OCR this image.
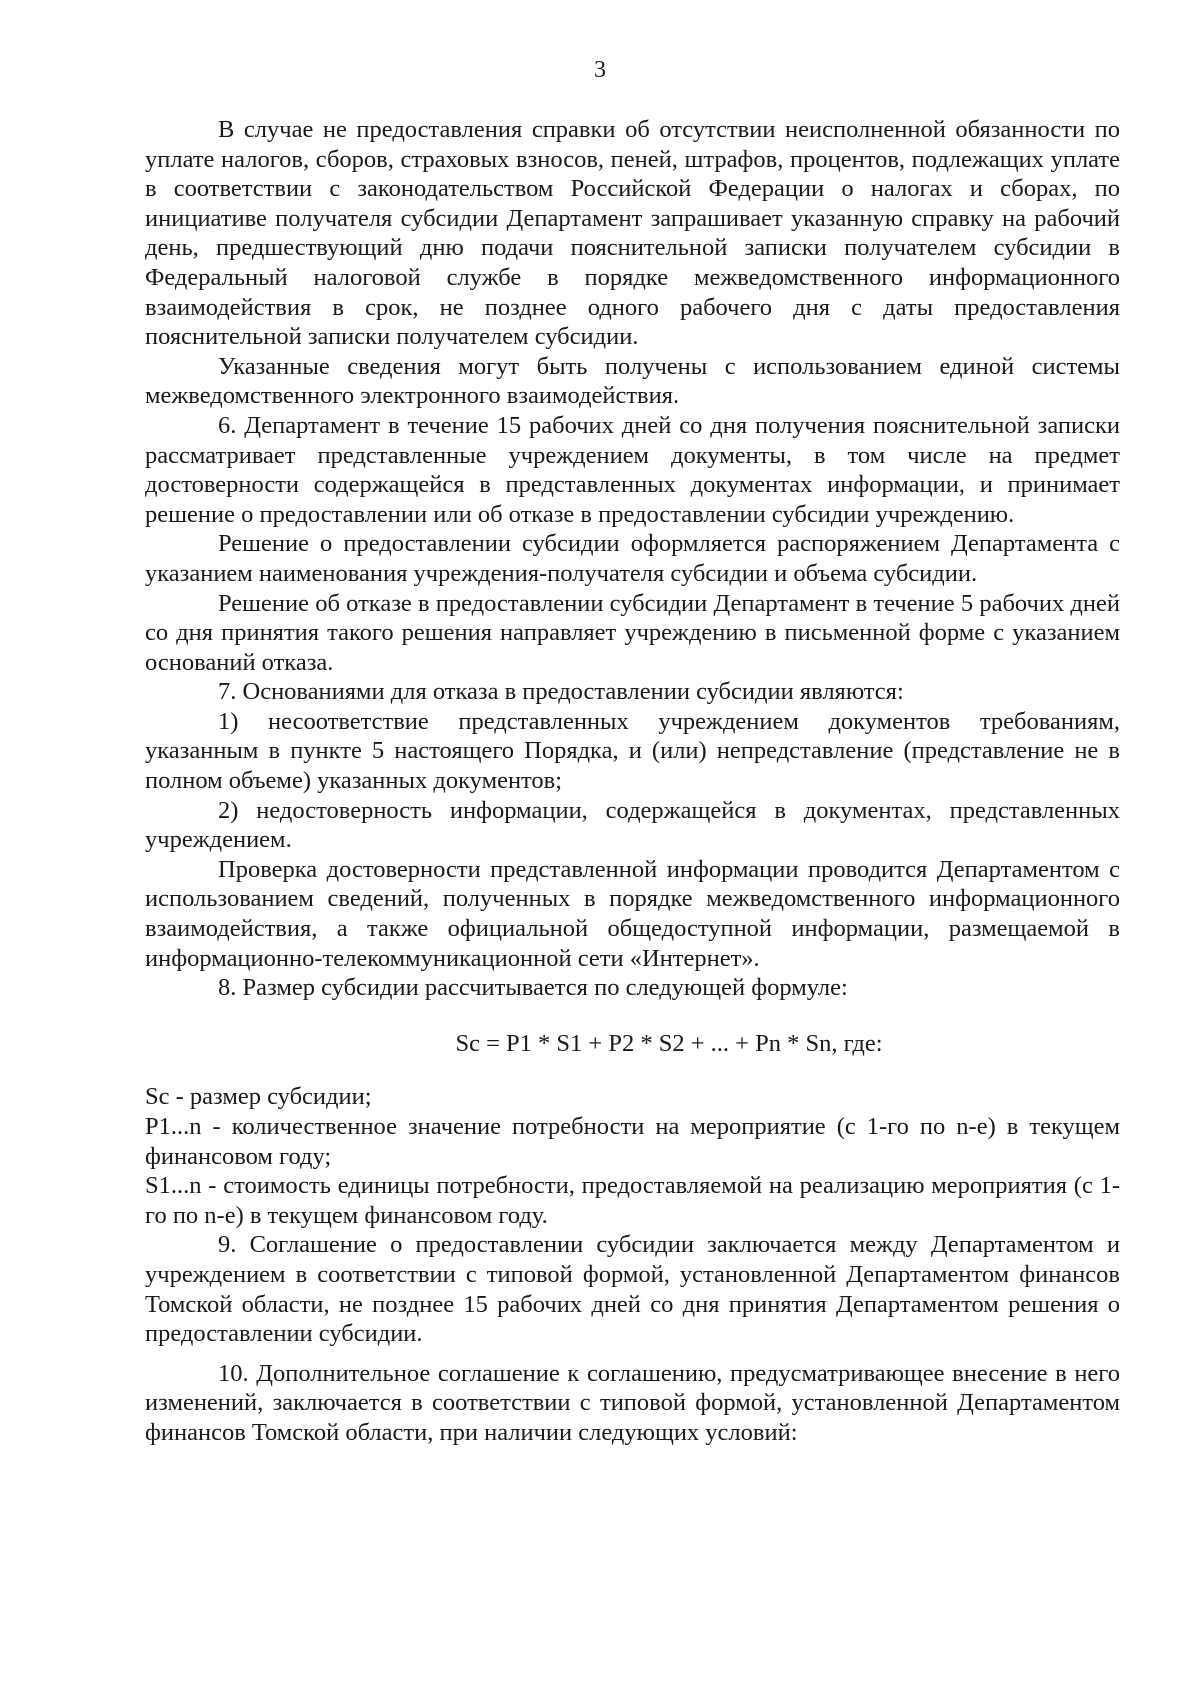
3

В случае не предоставления справки об отсутствии неисполненной обязанности по уплате налогов, сборов, страховых взносов, пеней, штрафов, процентов, подлежащих уплате в соответствии с законодательством Российской Федерации о налогах и сборах, по инициативе получателя субсидии Департамент запрашивает указанную справку на рабочий день, предшествующий дню подачи пояснительной записки получателем субсидии в Федеральный налоговой службе в порядке межведомственного информационного взаимодействия в срок, не позднее одного рабочего дня с даты предоставления пояснительной записки получателем субсидии.

Указанные сведения могут быть получены с использованием единой системы межведомственного электронного взаимодействия.

6. Департамент в течение 15 рабочих дней со дня получения пояснительной записки рассматривает представленные учреждением документы, в том числе на предмет достоверности содержащейся в представленных документах информации, и принимает решение о предоставлении или об отказе в предоставлении субсидии учреждению.

Решение о предоставлении субсидии оформляется распоряжением Департамента с указанием наименования учреждения-получателя субсидии и объема субсидии.

Решение об отказе в предоставлении субсидии Департамент в течение 5 рабочих дней со дня принятия такого решения направляет учреждению в письменной форме с указанием оснований отказа.

7. Основаниями для отказа в предоставлении субсидии являются:

1) несоответствие представленных учреждением документов требованиям, указанным в пункте 5 настоящего Порядка, и (или) непредставление (представление не в полном объеме) указанных документов;

2) недостоверность информации, содержащейся в документах, представленных учреждением.

Проверка достоверности представленной информации проводится Департаментом с использованием сведений, полученных в порядке межведомственного информационного взаимодействия, а также официальной общедоступной информации, размещаемой в информационно-телекоммуникационной сети «Интернет».

8. Размер субсидии рассчитывается по следующей формуле:

Sc = P1 * S1 + P2 * S2 + ... + Pn * Sn, где:

Sc - размер субсидии;

P1...n - количественное значение потребности на мероприятие (с 1-го по n-е) в текущем финансовом году;

S1...n - стоимость единицы потребности, предоставляемой на реализацию мероприятия (с 1-го по n-е) в текущем финансовом году.

9. Соглашение о предоставлении субсидии заключается между Департаментом и учреждением в соответствии с типовой формой, установленной Департаментом финансов Томской области, не позднее 15 рабочих дней со дня принятия Департаментом решения о предоставлении субсидии.

10. Дополнительное соглашение к соглашению, предусматривающее внесение в него изменений, заключается в соответствии с типовой формой, установленной Департаментом финансов Томской области, при наличии следующих условий:
